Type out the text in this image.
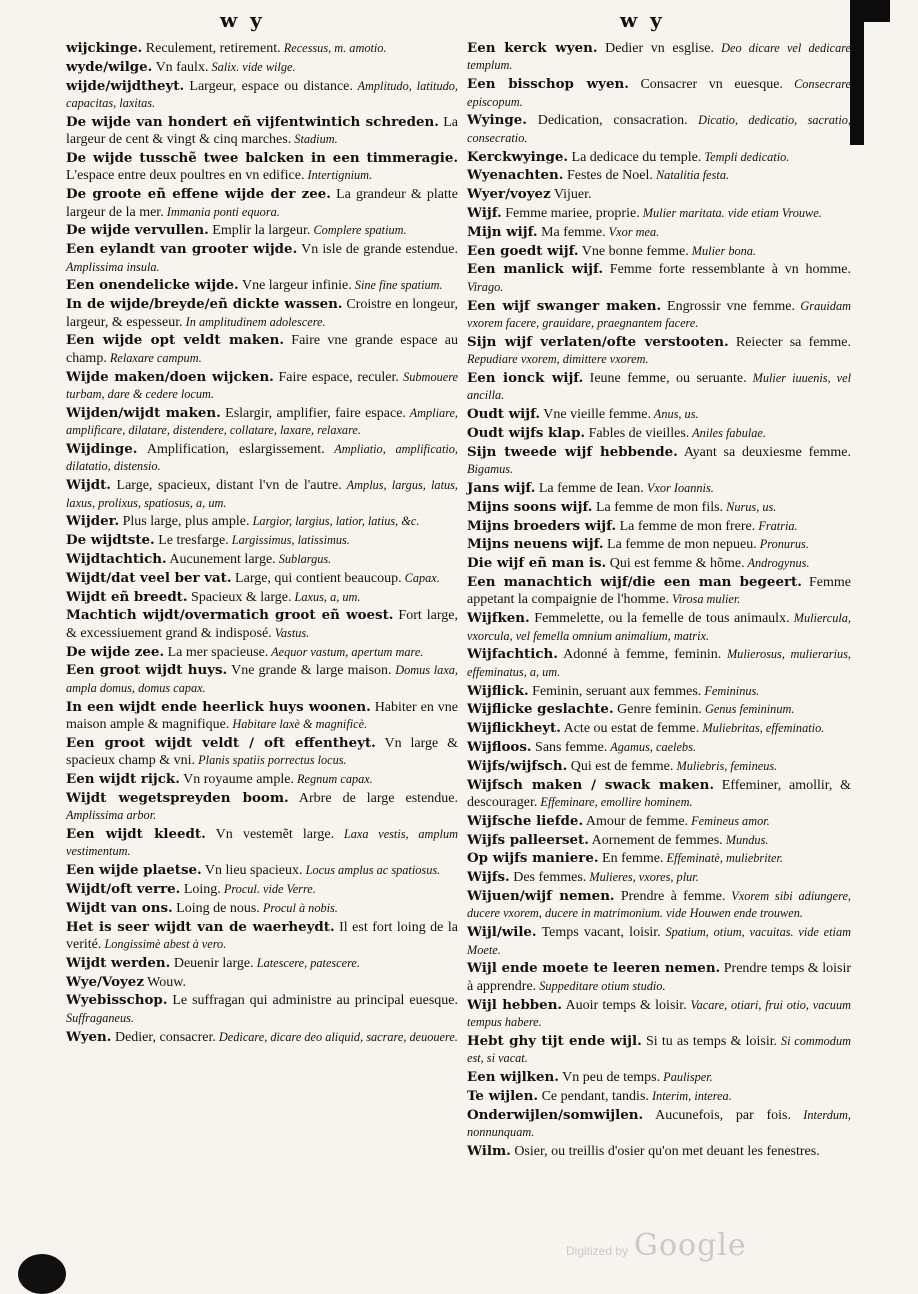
w y	w y

wijckinge. Reculement, retirement. Recessus, m. amotio.

wyde/wilge. Vn faulx. Salix. vide wilge.

wijde/wijdtheyt. Largeur, espace ou distance. Amplitudo, latitudo, capacitas, laxitas.

De wijde van hondert eñ vijfentwintich schreden. La largeur de cent & vingt & cinq marches. Stadium.

De wijde tusschẽ twee balcken in een timmeragie. L'espace entre deux poultres en vn edifice. Intertignium.

De groote eñ effene wijde der zee. La grandeur & platte largeur de la mer. Immania ponti equora.

De wijde vervullen. Emplir la largeur. Complere spatium.

Een eylandt van grooter wijde. Vn isle de grande estendue. Amplissima insula.

Een onendelicke wijde. Vne largeur infinie. Sine fine spatium.

In de wijde/breyde/eñ dickte wassen. Croistre en longeur, largeur, & espesseur. In amplitudinem adolescere.

Een wijde opt veldt maken. Faire vne grande espace au champ. Relaxare campum.

Wijde maken/doen wijcken. Faire espace, reculer. Submouere turbam, dare & cedere locum.

Wijden/wijdt maken. Eslargir, amplifier, faire espace. Ampliare, amplificare, dilatare, distendere, collatare, laxare, relaxare.

Wijdinge. Amplification, eslargissement. Ampliatio, amplificatio, dilatatio, distensio.

Wijdt. Large, spacieux, distant l'vn de l'autre. Amplus, largus, latus, laxus, prolixus, spatiosus, a, um.

Wijder. Plus large, plus ample. Largior, largius, latior, latius, &c.

De wijdtste. Le tresfarge. Largissimus, latissimus.

Wijdtachtich. Aucunement large. Sublargus.

Wijdt/dat veel ber vat. Large, qui contient beaucoup. Capax.

Wijdt eñ breedt. Spacieux & large. Laxus, a, um.

Machtich wijdt/overmatich groot eñ woest. Fort large, & excessiuement grand & indisposé. Vastus.

De wijde zee. La mer spacieuse. Aequor vastum, apertum mare.

Een groot wijdt huys. Vne grande & large maison. Domus laxa, ampla domus, domus capax.

In een wijdt ende heerlick huys woonen. Habiter en vne maison ample & magnifique. Habitare laxè & magnificè.

Een groot wijdt veldt / oft effentheyt. Vn large & spacieux champ & vni. Planis spatiis porrectus locus.

Een wijdt rijck. Vn royaume ample. Regnum capax.

Wijdt wegetspreyden boom. Arbre de large estendue. Amplissima arbor.

Een wijdt kleedt. Vn vestemẽt large. Laxa vestis, amplum vestimentum.

Een wijde plaetse. Vn lieu spacieux. Locus amplus ac spatiosus.

Wijdt/oft verre. Loing. Procul. vide Verre.

Wijdt van ons. Loing de nous. Procul à nobis.

Het is seer wijdt van de waerheydt. Il est fort loing de la verité. Longissimè abest à vero.

Wijdt werden. Deuenir large. Latescere, patescere.

Wye/Voyez Wouw.

Wyebisschop. Le suffragan qui administre au principal euesque. Suffraganeus.

Wyen. Dedier, consacrer. Dedicare, dicare deo aliquid, sacrare, deuouere.

Een kerck wyen. Dedier vn esglise. Deo dicare vel dedicare templum.

Een bisschop wyen. Consacrer vn euesque. Consecrare episcopum.

Wyinge. Dedication, consacration. Dicatio, dedicatio, sacratio, consecratio.

Kerckwyinge. La dedicace du temple. Templi dedicatio.

Wyenachten. Festes de Noel. Natalitia festa.

Wyer/voyez Vijuer.

Wijf. Femme mariee, proprie. Mulier maritata. vide etiam Vrouwe.

Mijn wijf. Ma femme. Vxor mea.

Een goedt wijf. Vne bonne femme. Mulier bona.

Een manlick wijf. Femme forte ressemblante à vn homme. Virago.

Een wijf swanger maken. Engrossir vne femme. Grauidam vxorem facere, grauidare, praegnantem facere.

Sijn wijf verlaten/ofte verstooten. Reiecter sa femme. Repudiare vxorem, dimittere vxorem.

Een ionck wijf. Ieune femme, ou seruante. Mulier iuuenis, vel ancilla.

Oudt wijf. Vne vieille femme. Anus, us.

Oudt wijfs klap. Fables de vieilles. Aniles fabulae.

Sijn tweede wijf hebbende. Ayant sa deuxiesme femme. Bigamus.

Jans wijf. La femme de Iean. Vxor Ioannis.

Mijns soons wijf. La femme de mon fils. Nurus, us.

Mijns broeders wijf. La femme de mon frere. Fratria.

Mijns neuens wijf. La femme de mon nepueu. Pronurus.

Die wijf eñ man is. Qui est femme & hõme. Androgynus.

Een manachtich wijf/die een man begeert. Femme appetant la compaignie de l'homme. Virosa mulier.

Wijfken. Femmelette, ou la femelle de tous animaulx. Muliercula, vxorcula, vel femella omnium animalium, matrix.

Wijfachtich. Adonné à femme, feminin. Mulierosus, mulierarius, effeminatus, a, um.

Wijflick. Feminin, seruant aux femmes. Femininus.

Wijflicke geslachte. Genre feminin. Genus femininum.

Wijflickheyt. Acte ou estat de femme. Muliebritas, effeminatio.

Wijfloos. Sans femme. Agamus, caelebs.

Wijfs/wijfsch. Qui est de femme. Muliebris, femineus.

Wijfsch maken / swack maken. Effeminer, amollir, & descourager. Effeminare, emollire hominem.

Wijfsche liefde. Amour de femme. Femineus amor.

Wijfs palleerset. Aornement de femmes. Mundus.

Op wijfs maniere. En femme. Effeminatè, muliebriter.

Wijfs. Des femmes. Mulieres, vxores, plur.

Wijuen/wijf nemen. Prendre à femme. Vxorem sibi adiungere, ducere vxorem, ducere in matrimonium. vide Houwen ende trouwen.

Wijl/wile. Temps vacant, loisir. Spatium, otium, vacuitas. vide etiam Moete.

Wijl ende moete te leeren nemen. Prendre temps & loisir à apprendre. Suppeditare otium studio.

Wijl hebben. Auoir temps & loisir. Vacare, otiari, frui otio, vacuum tempus habere.

Hebt ghy tijt ende wijl. Si tu as temps & loisir. Si commodum est, si vacat.

Een wijlken. Vn peu de temps. Paulisper.

Te wijlen. Ce pendant, tandis. Interim, interea.

Onderwijlen/somwijlen. Aucunefois, par fois. Interdum, nonnunquam.

Wilm. Osier, ou treillis d'osier qu'on met deuant les fenestres.

Digitized by Google
